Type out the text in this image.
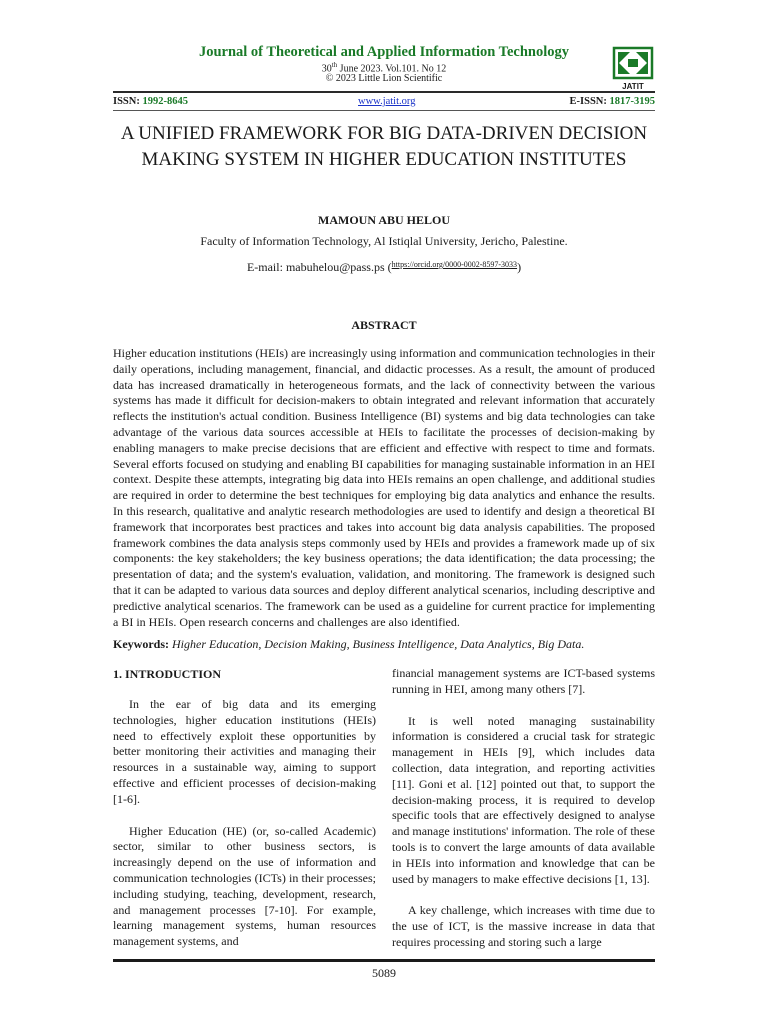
Journal of Theoretical and Applied Information Technology
30th June 2023. Vol.101. No 12
© 2023 Little Lion Scientific
JATIT
ISSN: 1992-8645	www.jatit.org	E-ISSN: 1817-3195
A UNIFIED FRAMEWORK FOR BIG DATA-DRIVEN DECISION MAKING SYSTEM IN HIGHER EDUCATION INSTITUTES
MAMOUN ABU HELOU
Faculty of Information Technology, Al Istiqlal University, Jericho, Palestine.
E-mail: mabuhelou@pass.ps ($^{https://orcid.org/0000-0002-8597-3033}$)
ABSTRACT
Higher education institutions (HEIs) are increasingly using information and communication technologies in their daily operations, including management, financial, and didactic processes. As a result, the amount of produced data has increased dramatically in heterogeneous formats, and the lack of connectivity between the various systems has made it difficult for decision-makers to obtain integrated and relevant information that accurately reflects the institution's actual condition. Business Intelligence (BI) systems and big data technologies can take advantage of the various data sources accessible at HEIs to facilitate the processes of decision-making by enabling managers to make precise decisions that are efficient and effective with respect to time and formats. Several efforts focused on studying and enabling BI capabilities for managing sustainable information in an HEI context. Despite these attempts, integrating big data into HEIs remains an open challenge, and additional studies are required in order to determine the best techniques for employing big data analytics and enhance the results. In this research, qualitative and analytic research methodologies are used to identify and design a theoretical BI framework that incorporates best practices and takes into account big data analysis capabilities. The proposed framework combines the data analysis steps commonly used by HEIs and provides a framework made up of six components: the key stakeholders; the key business operations; the data identification; the data processing; the presentation of data; and the system's evaluation, validation, and monitoring. The framework is designed such that it can be adapted to various data sources and deploy different analytical scenarios, including descriptive and predictive analytical scenarios. The framework can be used as a guideline for current practice for implementing a BI in HEIs. Open research concerns and challenges are also identified.
Keywords: Higher Education, Decision Making, Business Intelligence, Data Analytics, Big Data.
1. INTRODUCTION

In the ear of big data and its emerging technologies, higher education institutions (HEIs) need to effectively exploit these opportunities by better monitoring their activities and managing their resources in a sustainable way, aiming to support effective and efficient processes of decision-making [1-6].

Higher Education (HE) (or, so-called Academic) sector, similar to other business sectors, is increasingly depend on the use of information and communication technologies (ICTs) in their processes; including studying, teaching, development, research, and management processes [7-10]. For example, learning management systems, human resources management systems, and

financial management systems are ICT-based systems running in HEI, among many others [7].

It is well noted managing sustainability information is considered a crucial task for strategic management in HEIs [9], which includes data collection, data integration, and reporting activities [11]. Goni et al. [12] pointed out that, to support the decision-making process, it is required to develop specific tools that are effectively designed to analyse and manage institutions' information. The role of these tools is to convert the large amounts of data available in HEIs into information and knowledge that can be used by managers to make effective decisions [1, 13].

A key challenge, which increases with time due to the use of ICT, is the massive increase in data that requires processing and storing such a large

5089
